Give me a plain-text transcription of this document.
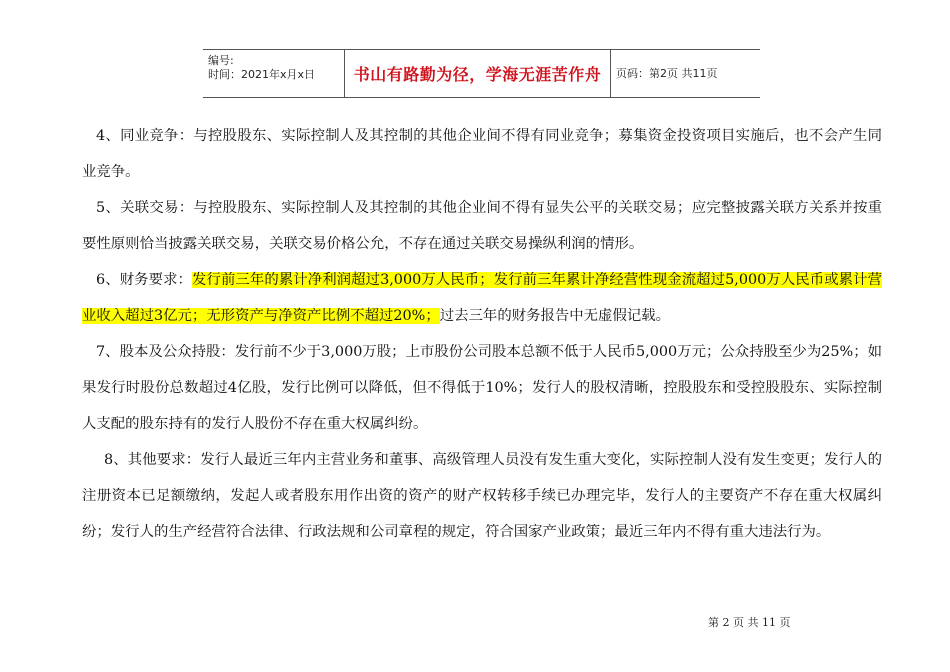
编号:
时间：2021年x月x日	书山有路勤为径，学海无涯苦作舟 页码：第2页 共11页

4、同业竞争：与控股股东、实际控制人及其控制的其他企业间不得有同业竞争；募集资金投资项目实施后，也不会产生同业竞争。

5、关联交易：与控股股东、实际控制人及其控制的其他企业间不得有显失公平的关联交易；应完整披露关联方关系并按重要性原则恰当披露关联交易，关联交易价格公允，不存在通过关联交易操纵利润的情形。

6、财务要求：发行前三年的累计净利润超过3,000万人民币；发行前三年累计净经营性现金流超过5,000万人民币或累计营业收入超过3亿元；无形资产与净资产比例不超过20%；过去三年的财务报告中无虚假记载。

7、股本及公众持股：发行前不少于3,000万股；上市股份公司股本总额不低于人民币5,000万元；公众持股至少为25%；如果发行时股份总数超过4亿股，发行比例可以降低，但不得低于10%；发行人的股权清晰，控股股东和受控股股东、实际控制人支配的股东持有的发行人股份不存在重大权属纠纷。

8、其他要求：发行人最近三年内主营业务和董事、高级管理人员没有发生重大变化，实际控制人没有发生变更；发行人的注册资本已足额缴纳，发起人或者股东用作出资的资产的财产权转移手续已办理完毕，发行人的主要资产不存在重大权属纠纷；发行人的生产经营符合法律、行政法规和公司章程的规定，符合国家产业政策；最近三年内不得有重大违法行为。

第 2 页 共 11 页
